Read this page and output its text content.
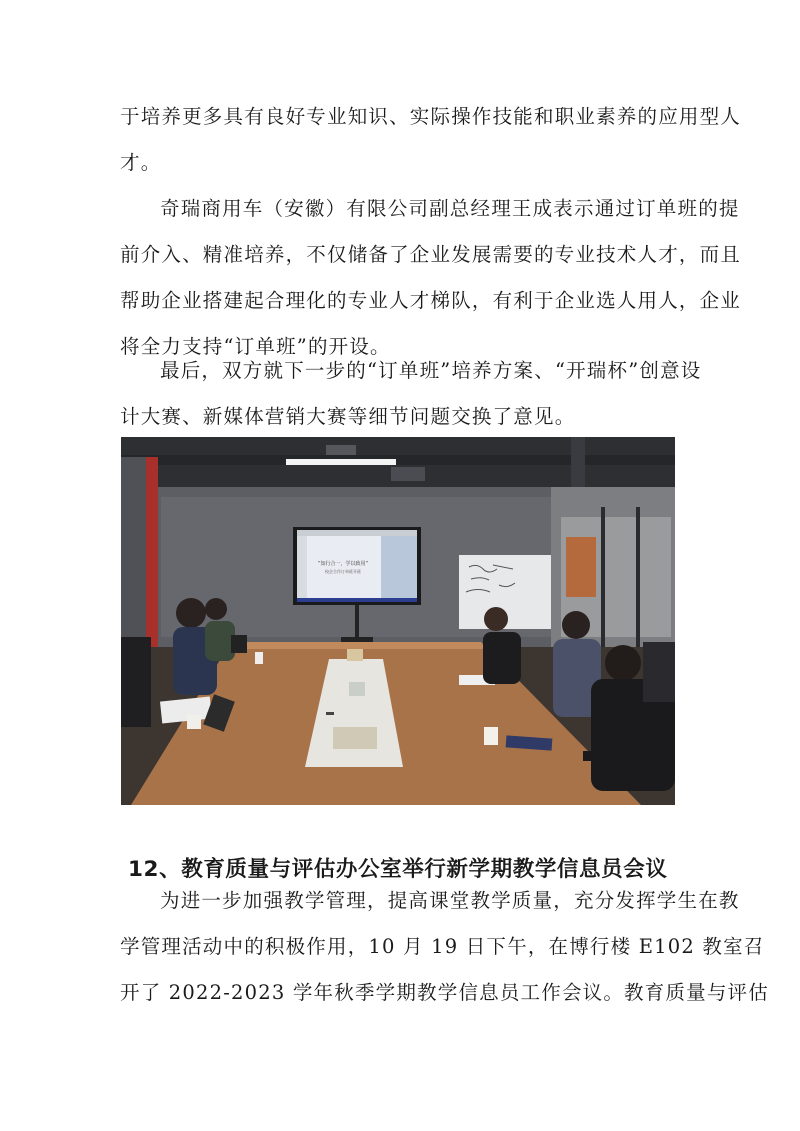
于培养更多具有良好专业知识、实际操作技能和职业素养的应用型人
才。
奇瑞商用车（安徽）有限公司副总经理王成表示通过订单班的提
前介入、精准培养，不仅储备了企业发展需要的专业技术人才，而且
帮助企业搭建起合理化的专业人才梯队，有利于企业选人用人，企业
将全力支持“订单班”的开设。
最后，双方就下一步的“订单班”培养方案、“开瑞杯”创意设
计大赛、新媒体营销大赛等细节问题交换了意见。
“知行合一，学以致用”
校企合作订单班开班
12、教育质量与评估办公室举行新学期教学信息员会议
为进一步加强教学管理，提高课堂教学质量，充分发挥学生在教
学管理活动中的积极作用，10 月 19 日下午，在博行楼 E102 教室召
开了 2022-2023 学年秋季学期教学信息员工作会议。教育质量与评估
